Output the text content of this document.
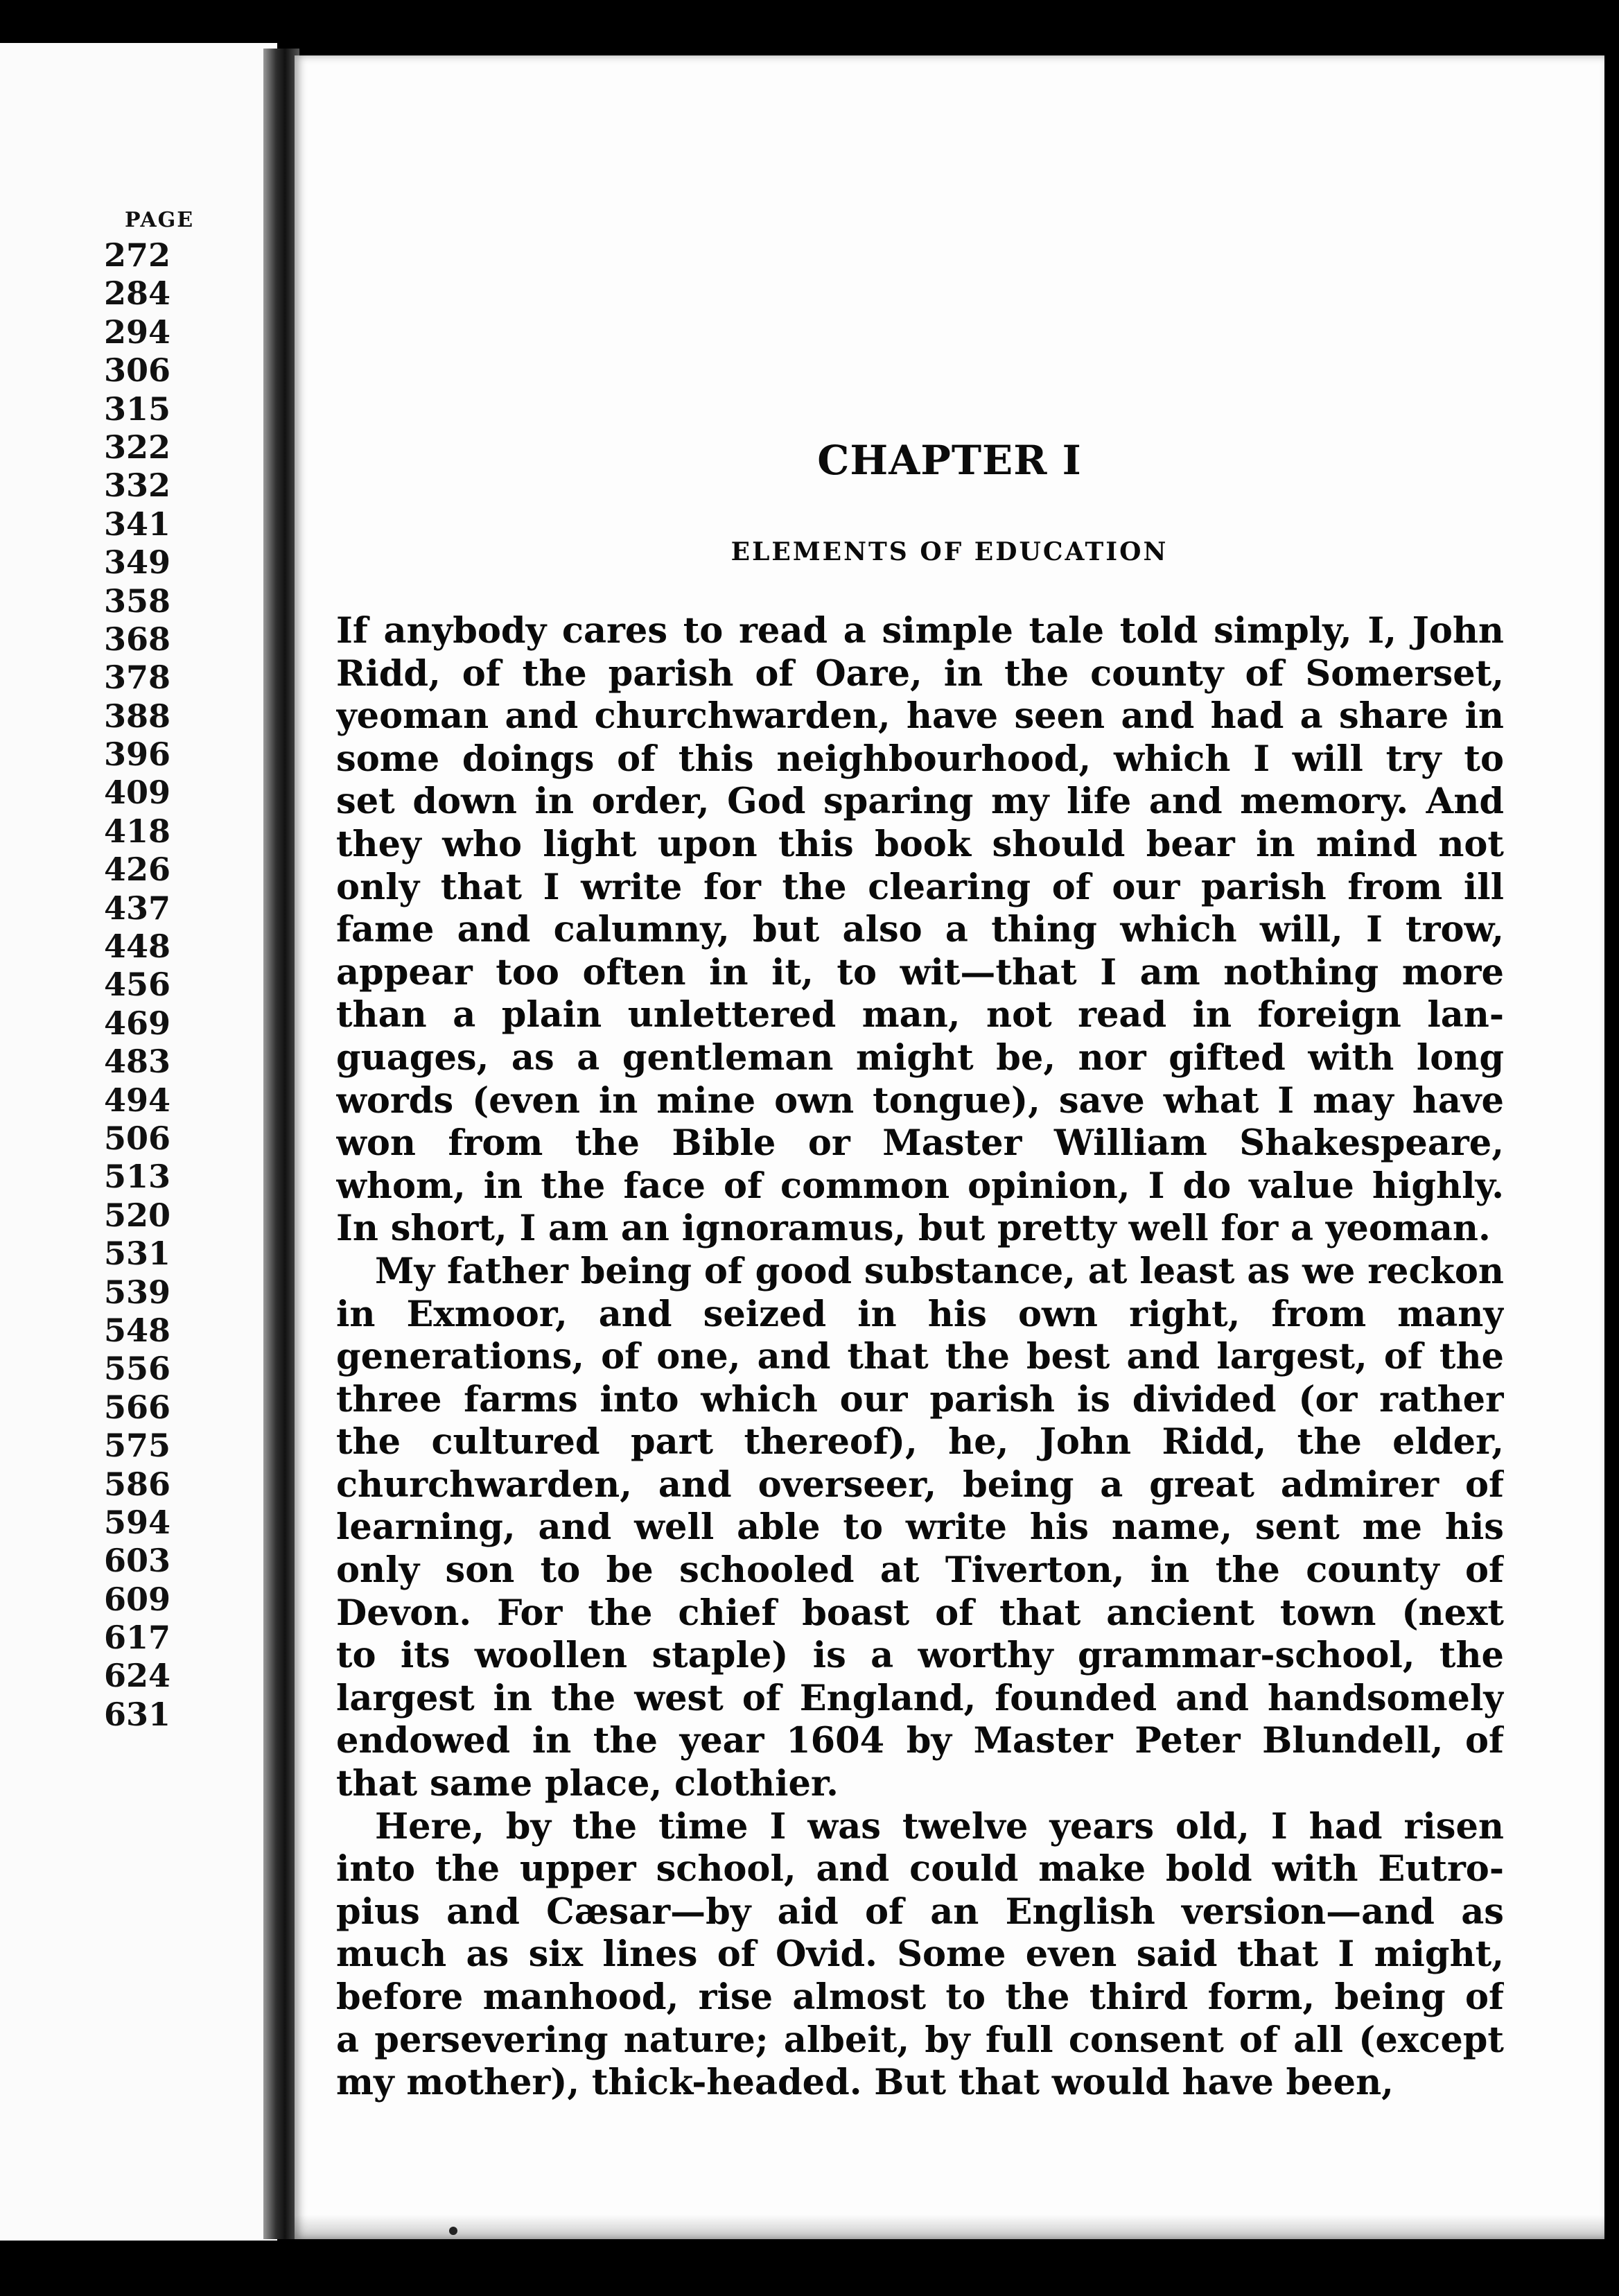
PAGE
272
284
294
306
315
322
332
341
349
358
368
378
388
396
409
418
426
437
448
456
469
483
494
506
513
520
531
539
548
556
566
575
586
594
603
609
617
624
631
CHAPTER I
ELEMENTS OF EDUCATION
If anybody cares to read a simple tale told simply, I, John
Ridd, of the parish of Oare, in the county of Somerset,
yeoman and churchwarden, have seen and had a share in
some doings of this neighbourhood, which I will try to
set down in order, God sparing my life and memory. And
they who light upon this book should bear in mind not
only that I write for the clearing of our parish from ill
fame and calumny, but also a thing which will, I trow,
appear too often in it, to wit—that I am nothing more
than a plain unlettered man, not read in foreign lan-
guages, as a gentleman might be, nor gifted with long
words (even in mine own tongue), save what I may have
won from the Bible or Master William Shakespeare,
whom, in the face of common opinion, I do value highly.
In short, I am an ignoramus, but pretty well for a yeoman.
My father being of good substance, at least as we reckon
in Exmoor, and seized in his own right, from many
generations, of one, and that the best and largest, of the
three farms into which our parish is divided (or rather
the cultured part thereof), he, John Ridd, the elder,
churchwarden, and overseer, being a great admirer of
learning, and well able to write his name, sent me his
only son to be schooled at Tiverton, in the county of
Devon. For the chief boast of that ancient town (next
to its woollen staple) is a worthy grammar-school, the
largest in the west of England, founded and handsomely
endowed in the year 1604 by Master Peter Blundell, of
that same place, clothier.
Here, by the time I was twelve years old, I had risen
into the upper school, and could make bold with Eutro-
pius and Cæsar—by aid of an English version—and as
much as six lines of Ovid. Some even said that I might,
before manhood, rise almost to the third form, being of
a persevering nature; albeit, by full consent of all (except
my mother), thick-headed. But that would have been,
